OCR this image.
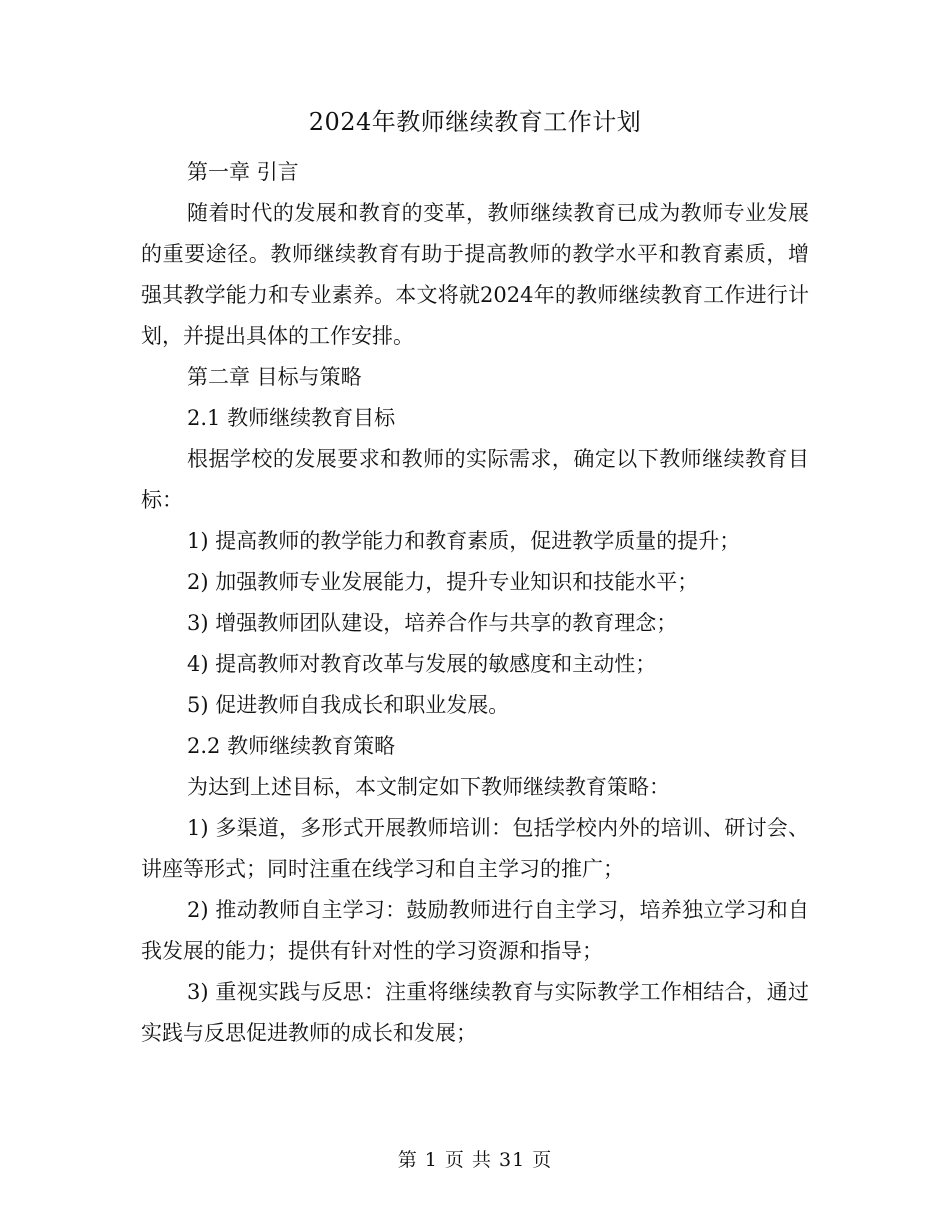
2024年教师继续教育工作计划

第一章 引言

随着时代的发展和教育的变革，教师继续教育已成为教师专业发展的重要途径。教师继续教育有助于提高教师的教学水平和教育素质，增强其教学能力和专业素养。本文将就2024年的教师继续教育工作进行计划，并提出具体的工作安排。

第二章 目标与策略

2.1 教师继续教育目标

根据学校的发展要求和教师的实际需求，确定以下教师继续教育目标：

1) 提高教师的教学能力和教育素质，促进教学质量的提升；

2) 加强教师专业发展能力，提升专业知识和技能水平；

3) 增强教师团队建设，培养合作与共享的教育理念；

4) 提高教师对教育改革与发展的敏感度和主动性；

5) 促进教师自我成长和职业发展。

2.2 教师继续教育策略

为达到上述目标，本文制定如下教师继续教育策略：

1) 多渠道，多形式开展教师培训：包括学校内外的培训、研讨会、讲座等形式；同时注重在线学习和自主学习的推广；

2) 推动教师自主学习：鼓励教师进行自主学习，培养独立学习和自我发展的能力；提供有针对性的学习资源和指导；

3) 重视实践与反思：注重将继续教育与实际教学工作相结合，通过实践与反思促进教师的成长和发展；

第 1 页 共 31 页
